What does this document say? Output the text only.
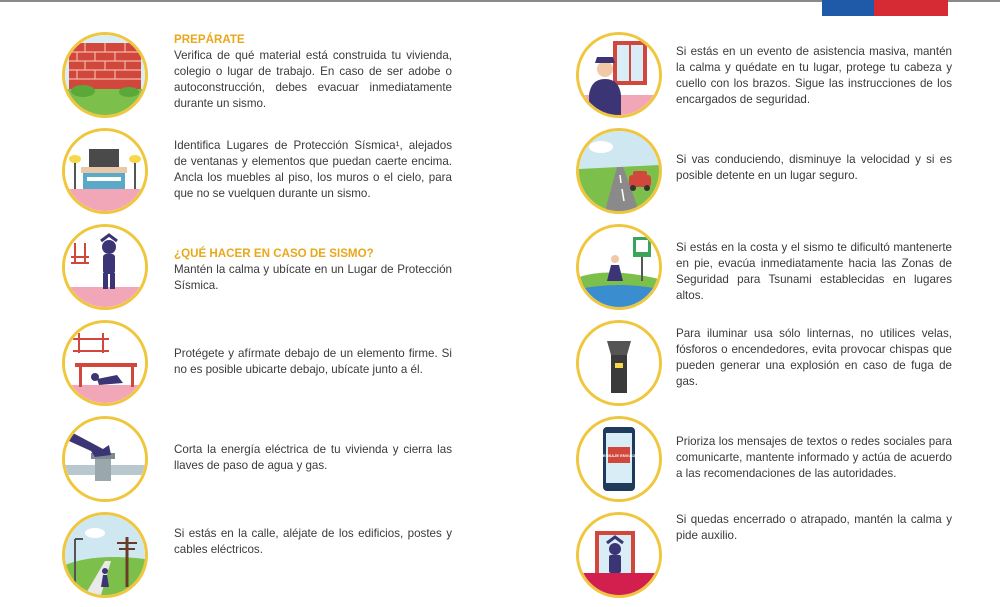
PREPÁRATE
Verifica de qué material está construida tu vivienda, colegio o lugar de trabajo. En caso de ser adobe o autoconstrucción, debes evacuar inmediatamente durante un sismo.
Identifica Lugares de Protección Sísmica¹, alejados de ventanas y elementos que puedan caerte encima. Ancla los muebles al piso, los muros o el cielo, para que no se vuelquen durante un sismo.
¿QUÉ HACER EN CASO DE SISMO?
Mantén la calma y ubícate en un Lugar de Protección Sísmica.
Protégete y afírmate debajo de un elemento firme. Si no es posible ubicarte debajo, ubícate junto a él.
Corta la energía eléctrica de tu vivienda y cierra las llaves de paso de agua y gas.
Si estás en la calle, aléjate de los edificios, postes y cables eléctricos.
Si estás en un evento de asistencia masiva, mantén la calma y quédate en tu lugar, protege tu cabeza y cuello con los brazos. Sigue las instrucciones de los encargados de seguridad.
Si vas conduciendo, disminuye la velocidad y si es posible detente en un lugar seguro.
Si estás en la costa y el sismo te dificultó mantenerte en pie, evacúa inmediatamente hacia las Zonas de Seguridad para Tsunami establecidas en lugares altos.
Para iluminar usa sólo linternas, no utilices velas, fósforos o encendedores, evita provocar chispas que pueden generar una explosión en caso de fuga de gas.
MENSAJE ENVIADO
Prioriza los mensajes de textos o redes sociales para comunicarte, mantente informado y actúa de acuerdo a las recomendaciones de las autoridades.
Si quedas encerrado o atrapado, mantén la calma y pide auxilio.
